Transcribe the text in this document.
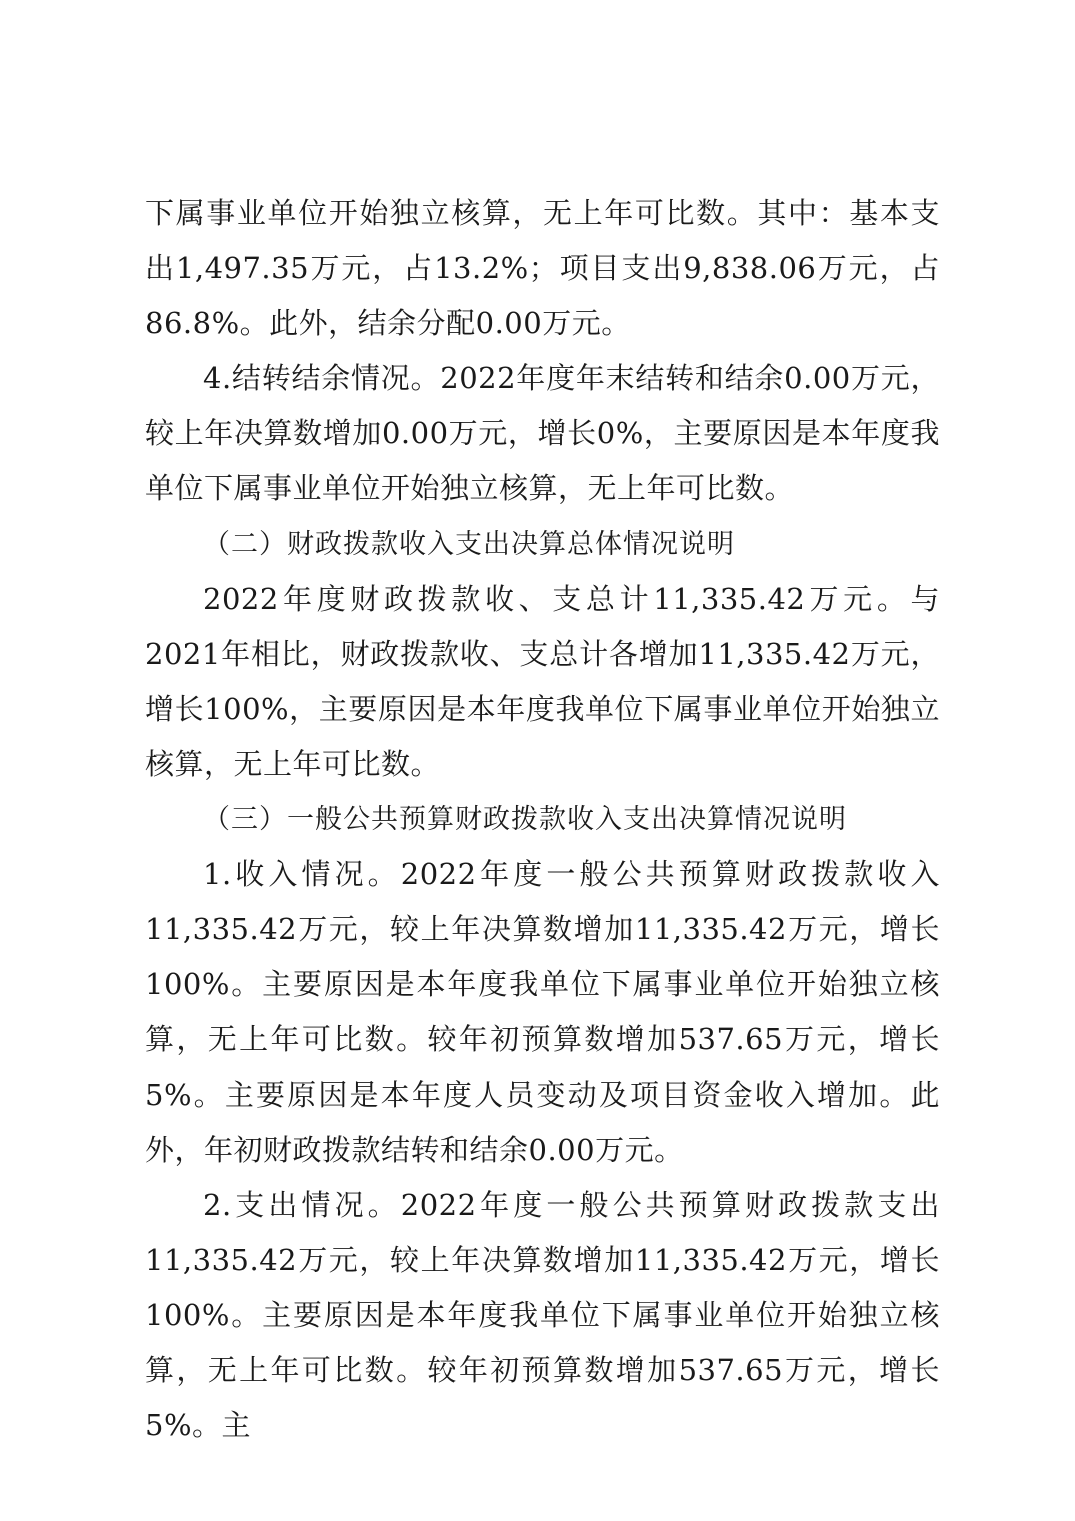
下属事业单位开始独立核算，无上年可比数。其中：基本支出1,497.35万元，占13.2%；项目支出9,838.06万元，占86.8%。此外，结余分配0.00万元。

4.结转结余情况。2022年度年末结转和结余0.00万元，较上年决算数增加0.00万元，增长0%，主要原因是本年度我单位下属事业单位开始独立核算，无上年可比数。

（二）财政拨款收入支出决算总体情况说明

2022年度财政拨款收、支总计11,335.42万元。与2021年相比，财政拨款收、支总计各增加11,335.42万元，增长100%，主要原因是本年度我单位下属事业单位开始独立核算，无上年可比数。

（三）一般公共预算财政拨款收入支出决算情况说明

1.收入情况。2022年度一般公共预算财政拨款收入11,335.42万元，较上年决算数增加11,335.42万元，增长100%。主要原因是本年度我单位下属事业单位开始独立核算，无上年可比数。较年初预算数增加537.65万元，增长5%。主要原因是本年度人员变动及项目资金收入增加。此外，年初财政拨款结转和结余0.00万元。

2.支出情况。2022年度一般公共预算财政拨款支出11,335.42万元，较上年决算数增加11,335.42万元，增长100%。主要原因是本年度我单位下属事业单位开始独立核算，无上年可比数。较年初预算数增加537.65万元，增长5%。主
